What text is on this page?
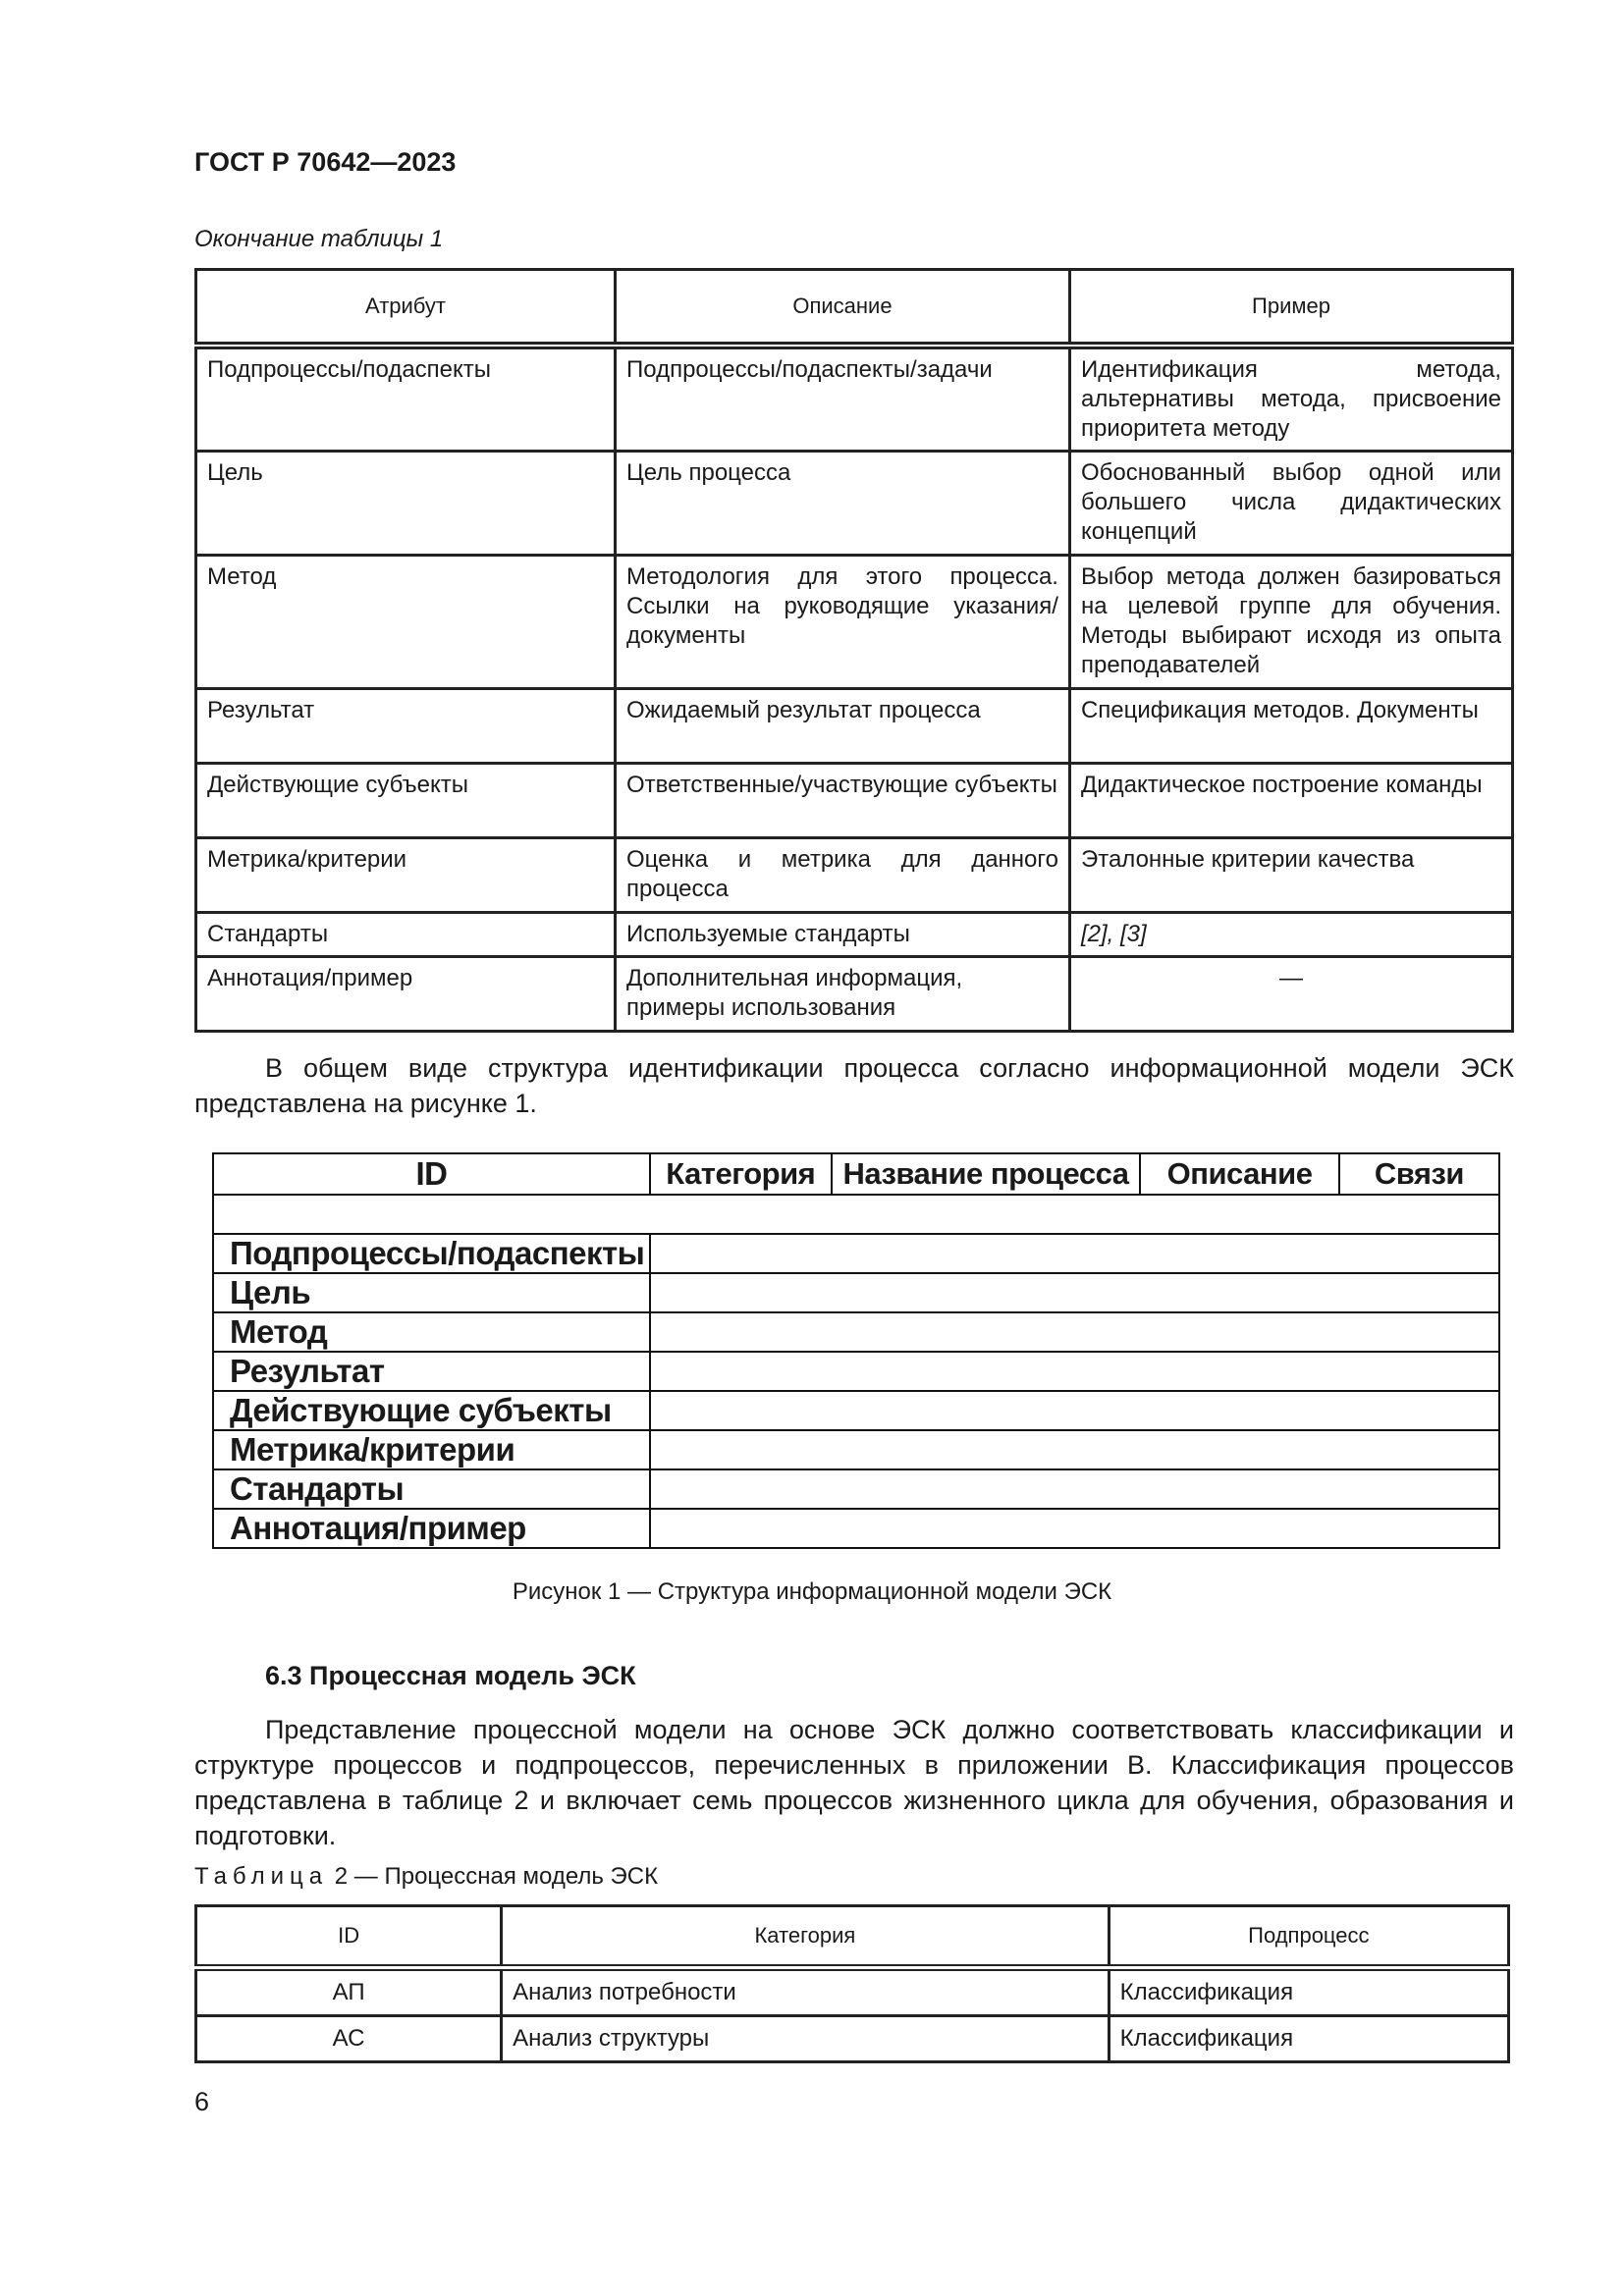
ГОСТ Р 70642—2023
Окончание таблицы 1
Атрибут	Описание	Пример
Подпроцессы/подаспекты	Подпроцессы/подаспекты/задачи	Идентификация метода, альтернативы метода, присвоение приоритета методу
Цель	Цель процесса	Обоснованный выбор одной или большего числа дидактических концепций
Метод	Методология для этого процесса. Ссылки на руководящие указания/документы	Выбор метода должен базироваться на целевой группе для обучения. Методы выбирают исходя из опыта преподавателей
Результат	Ожидаемый результат процесса	Спецификация методов. Документы
Действующие субъекты	Ответственные/участвующие субъекты	Дидактическое построение команды
Метрика/критерии	Оценка и метрика для данного процесса	Эталонные критерии качества
Стандарты	Используемые стандарты	[2], [3]
Аннотация/пример	Дополнительная информация, примеры использования	—
В общем виде структура идентификации процесса согласно информационной модели ЭСК представлена на рисунке 1.
ID	Категория	Название процесса	Описание	Связи

Подпроцессы/подаспекты				
Цель				
Метод				
Результат				
Действующие субъекты				
Метрика/критерии				
Стандарты				
Аннотация/пример				
Рисунок 1 — Структура информационной модели ЭСК
6.3 Процессная модель ЭСК
Представление процессной модели на основе ЭСК должно соответствовать классификации и структуре процессов и подпроцессов, перечисленных в приложении В. Классификация процессов представлена в таблице 2 и включает семь процессов жизненного цикла для обучения, образования и подготовки.
Таблица 2 — Процессная модель ЭСК
ID	Категория	Подпроцесс
АП	Анализ потребности	Классификация
АС	Анализ структуры	Классификация
6
